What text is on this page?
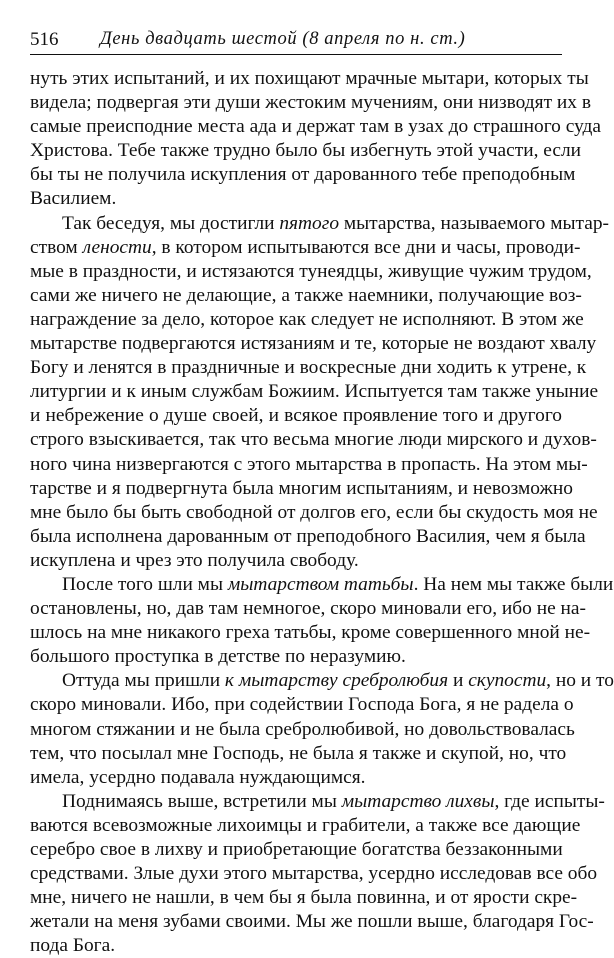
516 День двадцать шестой (8 апреля по н. ст.)

нуть этих испытаний, и их похищают мрачные мытари, которых ты
видела; подвергая эти души жестоким мучениям, они низводят их в
самые преисподние места ада и держат там в узах до страшного суда
Христова. Тебе также трудно было бы избегнуть этой участи, если
бы ты не получила искупления от дарованного тебе преподобным
Василием.

Так беседуя, мы достигли пятого мытарства, называемого мытар-
ством лености, в котором испытываются все дни и часы, проводи-
мые в праздности, и истязаются тунеядцы, живущие чужим трудом,
сами же ничего не делающие, а также наемники, получающие воз-
награждение за дело, которое как следует не исполняют. В этом же
мытарстве подвергаются истязаниям и те, которые не воздают хвалу
Богу и ленятся в праздничные и воскресные дни ходить к утрене, к
литургии и к иным службам Божиим. Испытуется там также уныние
и небрежение о душе своей, и всякое проявление того и другого
строго взыскивается, так что весьма многие люди мирского и духов-
ного чина низвергаются с этого мытарства в пропасть. На этом мы-
тарстве и я подвергнута была многим испытаниям, и невозможно
мне было бы быть свободной от долгов его, если бы скудость моя не
была исполнена дарованным от преподобного Василия, чем я была
искуплена и чрез это получила свободу.

После того шли мы мытарством татьбы. На нем мы также были
остановлены, но, дав там немногое, скоро миновали его, ибо не на-
шлось на мне никакого греха татьбы, кроме совершенного мной не-
большого проступка в детстве по неразумию.

Оттуда мы пришли к мытарству сребролюбия и скупости, но и то
скоро миновали. Ибо, при содействии Господа Бога, я не радела о
многом стяжании и не была сребролюбивой, но довольствовалась
тем, что посылал мне Господь, не была я также и скупой, но, что
имела, усердно подавала нуждающимся.

Поднимаясь выше, встретили мы мытарство лихвы, где испыты-
ваются всевозможные лихоимцы и грабители, а также все дающие
серебро свое в лихву и приобретающие богатства беззаконными
средствами. Злые духи этого мытарства, усердно исследовав все обо
мне, ничего не нашли, в чем бы я была повинна, и от ярости скре-
жетали на меня зубами своими. Мы же пошли выше, благодаря Гос-
пода Бога.
